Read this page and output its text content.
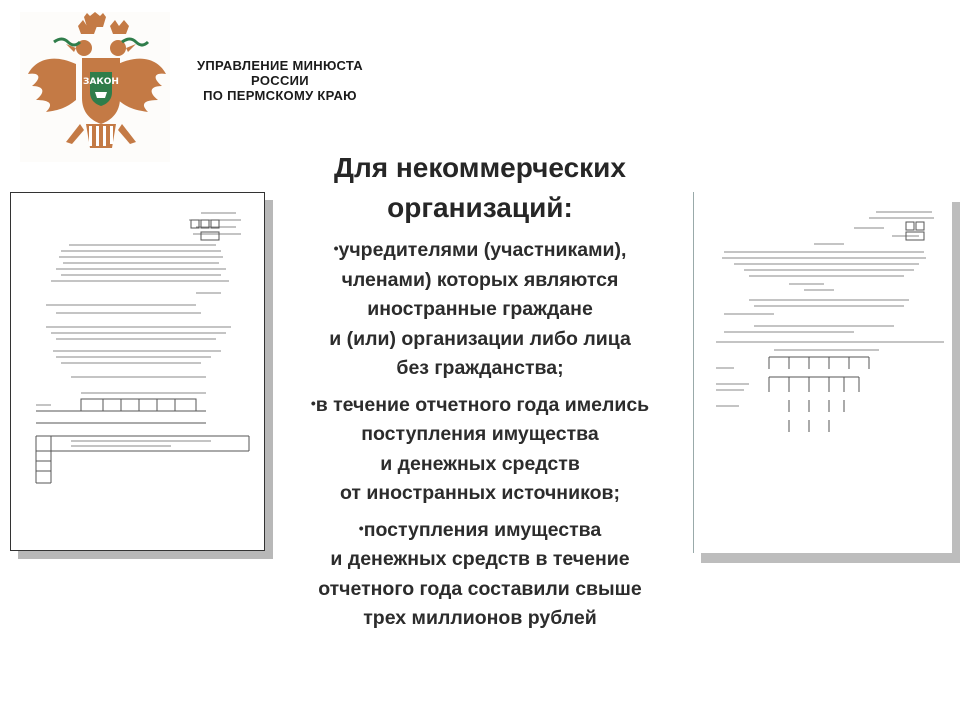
ЗАКОН
УПРАВЛЕНИЕ МИНЮСТА
РОССИИ
ПО ПЕРМСКОМУ КРАЮ
Для некоммерческих
организаций:
•учредителями (участниками),
членами) которых являются
иностранные граждане
и (или) организации либо лица
без гражданства;
•в течение отчетного года имелись
поступления имущества
и денежных средств
от иностранных источников;
•поступления имущества
и денежных средств в течение
отчетного года составили свыше
трех миллионов рублей
